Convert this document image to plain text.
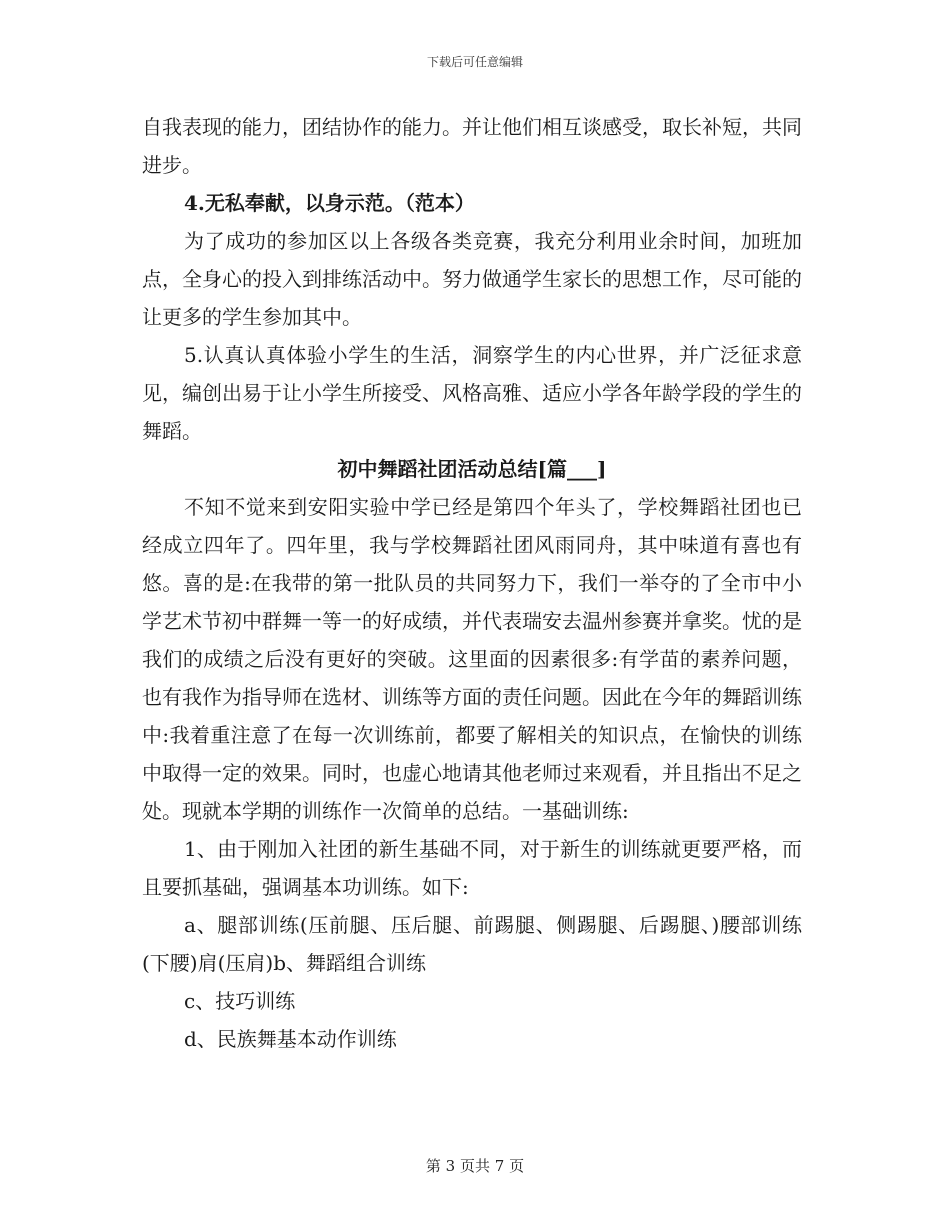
下载后可任意编辑

自我表现的能力，团结协作的能力。并让他们相互谈感受，取长补短，共同进步。

4.无私奉献，以身示范。（范本）

为了成功的参加区以上各级各类竞赛，我充分利用业余时间，加班加点，全身心的投入到排练活动中。努力做通学生家长的思想工作，尽可能的让更多的学生参加其中。

5.认真认真体验小学生的生活，洞察学生的内心世界，并广泛征求意见，编创出易于让小学生所接受、风格高雅、适应小学各年龄学段的学生的舞蹈。

初中舞蹈社团活动总结[篇___]

不知不觉来到安阳实验中学已经是第四个年头了，学校舞蹈社团也已经成立四年了。四年里，我与学校舞蹈社团风雨同舟，其中味道有喜也有悠。喜的是:在我带的第一批队员的共同努力下，我们一举夺的了全市中小学艺术节初中群舞一等一的好成绩，并代表瑞安去温州参赛并拿奖。忧的是我们的成绩之后没有更好的突破。这里面的因素很多:有学苗的素养问题，也有我作为指导师在选材、训练等方面的责任问题。因此在今年的舞蹈训练中:我着重注意了在每一次训练前，都要了解相关的知识点，在愉快的训练中取得一定的效果。同时，也虚心地请其他老师过来观看，并且指出不足之处。现就本学期的训练作一次简单的总结。一基础训练:

1、由于刚加入社团的新生基础不同，对于新生的训练就更要严格，而且要抓基础，强调基本功训练。如下:

a、腿部训练(压前腿、压后腿、前踢腿、侧踢腿、后踢腿、)腰部训练(下腰)肩(压肩)b、舞蹈组合训练

c、技巧训练

d、民族舞基本动作训练

第 3 页共 7 页
